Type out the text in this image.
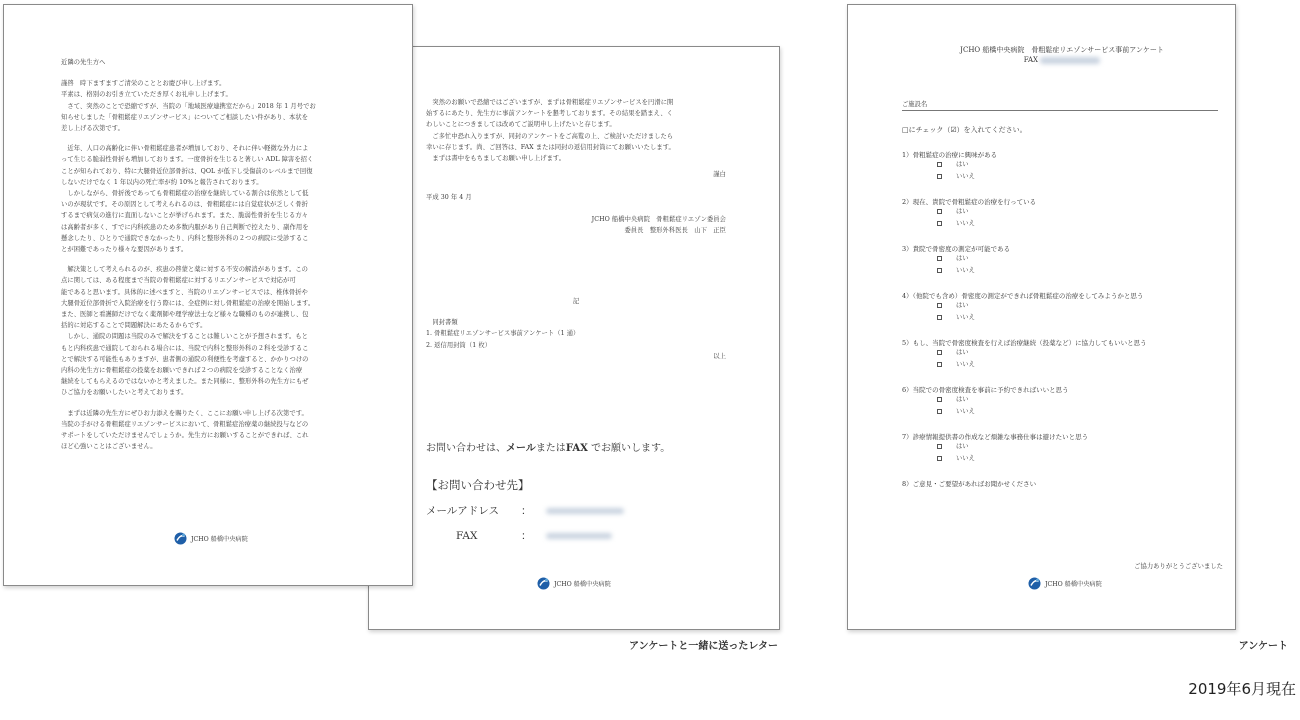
近隣の先生方へ
謹啓　時下ますますご清栄のこととお慶び申し上げます。
平素は、格別のお引き立ていただき厚くお礼申し上げます。
　さて、突然のことで恐縮ですが、当院の「地域医療連携室だから」2018 年 1 月号でお
知らせしました「骨粗鬆症リエゾンサービス」についてご相談したい件があり、本状を
差し上げる次第です。
　近年、人口の高齢化に伴い骨粗鬆症患者が増加しており、それに伴い軽微な外力によ
って生じる脆弱性骨折も増加しております。一度骨折を生じると著しい ADL 障害を招く
ことが知られており、特に大腿骨近位部骨折は、QOL が低下し受傷前のレベルまで回復
しないだけでなく 1 年以内の死亡率が約 10%と報告されております。
　しかしながら、骨折後であっても骨粗鬆症の治療を継続している割合は依然として低
いのが現状です。その原因として考えられるのは、骨粗鬆症には自覚症状が乏しく骨折
するまで病気の進行に直面しないことが挙げられます。また、脆弱性骨折を生じる方々
は高齢者が多く、すでに内科疾患のため多数内服があり自己判断で控えたり、副作用を
懸念したり、ひとりで通院できなかったり、内科と整形外科の２つの病院に受診するこ
とが困難であったり様々な要因があります。
　解決策として考えられるのが、疾患の啓蒙と薬に対する不安の解消があります。この
点に関しては、ある程度まで当院の骨粗鬆症に対するリエゾンサービスで対応が可
能であると思います。具体的に述べますと、当院のリエゾンサービスでは、椎体骨折や
大腿骨近位部骨折で入院治療を行う際には、全症例に対し骨粗鬆症の治療を開始します。
また、医師と看護師だけでなく薬剤師や理学療法士など様々な職種のものが連携し、包
括的に対応することで問題解決にあたるからです。
　しかし、通院の問題は当院のみで解決をすることは難しいことが予想されます。もと
もと内科疾患で通院しておられる場合には、当院で内科と整形外科の２科を受診するこ
とで解決する可能性もありますが、患者側の通院の利便性を考慮すると、かかりつけの
内科の先生方に骨粗鬆症の投薬をお願いできれば２つの病院を受診することなく治療
継続をしてもらえるのではないかと考えました。また同様に、整形外科の先生方にもぜ
ひご協力をお願いしたいと考えております。
　まずは近隣の先生方にぜひお力添えを賜りたく、ここにお願い申し上げる次第です。
当院の手がける骨粗鬆症リエゾンサービスにおいて、骨粗鬆症治療薬の継続投与などの
サポートをしていただけませんでしょうか。先生方にお願いすることができれば、これ
ほど心強いことはございません。
JCHO 船橋中央病院
　突然のお願いで恐縮ではございますが、まずは骨粗鬆症リエゾンサービスを円滑に開
始するにあたり、先生方に事前アンケートを懇考しております。その結果を踏まえ、く
わしいことにつきましては改めてご説明申し上げたいと存じます。
　ご多忙中恐れ入りますが、同封のアンケートをご高覧の上、ご検討いただけましたら
幸いに存じます。尚、ご回答は、FAX または同封の返信用封筒にてお願いいたします。
　まずは書中をもちましてお願い申し上げます。
謹白
平成 30 年 4 月
JCHO 船橋中央病院　骨粗鬆症リエゾン委員会
委員長　整形外科医長　山下　正臣
記
　同封書類
1. 骨粗鬆症リエゾンサービス事前アンケート（1 通）
2. 返信用封筒（1 枚）
以上
お問い合わせは、メールまたはFAX でお願いします。
【お問い合わせ先】
メールアドレス	：
FAX	：
JCHO 船橋中央病院
JCHO 船橋中央病院　骨粗鬆症リエゾンサービス事前アンケート
FAX
ご施設名
□にチェック（☑）を入れてください。
1）骨粗鬆症の治療に興味がある
はい
いいえ
2）現在、貴院で骨粗鬆症の治療を行っている
はい
いいえ
3）貴院で骨密度の測定が可能である
はい
いいえ
4）（他院でも含め）骨密度の測定ができれば骨粗鬆症の治療をしてみようかと思う
はい
いいえ
5）もし、当院で骨密度検査を行えば治療継続（投薬など）に協力してもいいと思う
はい
いいえ
6）当院での骨密度検査を事前に予約できればいいと思う
はい
いいえ
7）診療情報提供書の作成など煩雑な事務仕事は避けたいと思う
はい
いいえ
8）ご意見・ご要望があればお聞かせください
ご協力ありがとうございました
JCHO 船橋中央病院
アンケートと一緒に送ったレター	アンケート
2019年6月現在
